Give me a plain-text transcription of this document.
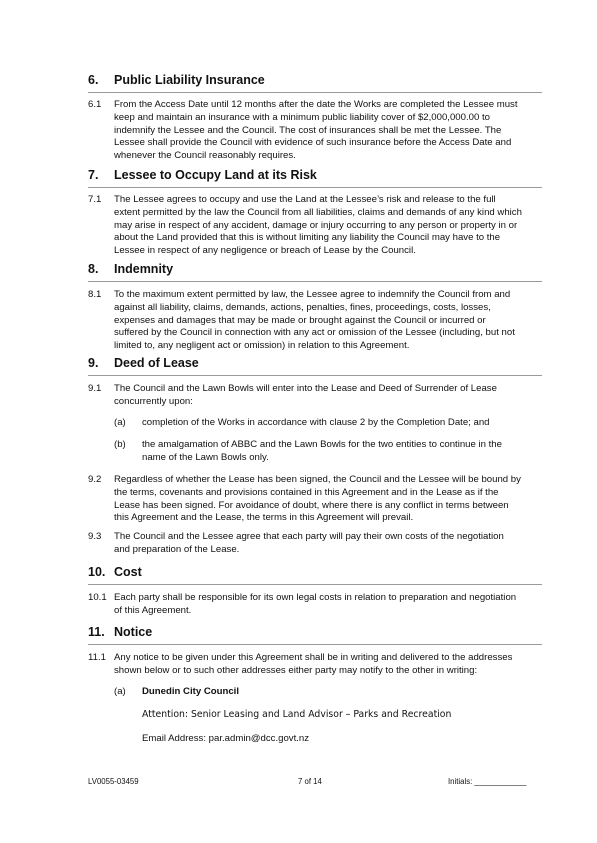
6. Public Liability Insurance
6.1 From the Access Date until 12 months after the date the Works are completed the Lessee must
keep and maintain an insurance with a minimum public liability cover of $2,000,000.00 to
indemnify the Lessee and the Council. The cost of insurances shall be met the Lessee. The
Lessee shall provide the Council with evidence of such insurance before the Access Date and
whenever the Council reasonably requires.
7. Lessee to Occupy Land at its Risk
7.1 The Lessee agrees to occupy and use the Land at the Lessee’s risk and release to the full
extent permitted by the law the Council from all liabilities, claims and demands of any kind which
may arise in respect of any accident, damage or injury occurring to any person or property in or
about the Land provided that this is without limiting any liability the Council may have to the
Lessee in respect of any negligence or breach of Lease by the Council.
8. Indemnity
8.1 To the maximum extent permitted by law, the Lessee agree to indemnify the Council from and
against all liability, claims, demands, actions, penalties, fines, proceedings, costs, losses,
expenses and damages that may be made or brought against the Council or incurred or
suffered by the Council in connection with any act or omission of the Lessee (including, but not
limited to, any negligent act or omission) in relation to this Agreement.
9. Deed of Lease
9.1 The Council and the Lawn Bowls will enter into the Lease and Deed of Surrender of Lease
concurrently upon:
(a) completion of the Works in accordance with clause 2 by the Completion Date; and
(b) the amalgamation of ABBC and the Lawn Bowls for the two entities to continue in the
name of the Lawn Bowls only.
9.2 Regardless of whether the Lease has been signed, the Council and the Lessee will be bound by
the terms, covenants and provisions contained in this Agreement and in the Lease as if the
Lease has been signed. For avoidance of doubt, where there is any conflict in terms between
this Agreement and the Lease, the terms in this Agreement will prevail.
9.3 The Council and the Lessee agree that each party will pay their own costs of the negotiation
and preparation of the Lease.
10. Cost
10.1 Each party shall be responsible for its own legal costs in relation to preparation and negotiation
of this Agreement.
11. Notice
11.1 Any notice to be given under this Agreement shall be in writing and delivered to the addresses
shown below or to such other addresses either party may notify to the other in writing:
(a) Dunedin City Council
Attention: Senior Leasing and Land Advisor – Parks and Recreation
Email Address: par.admin@dcc.govt.nz
LV0055-03459	7 of 14	Initials: ____________
